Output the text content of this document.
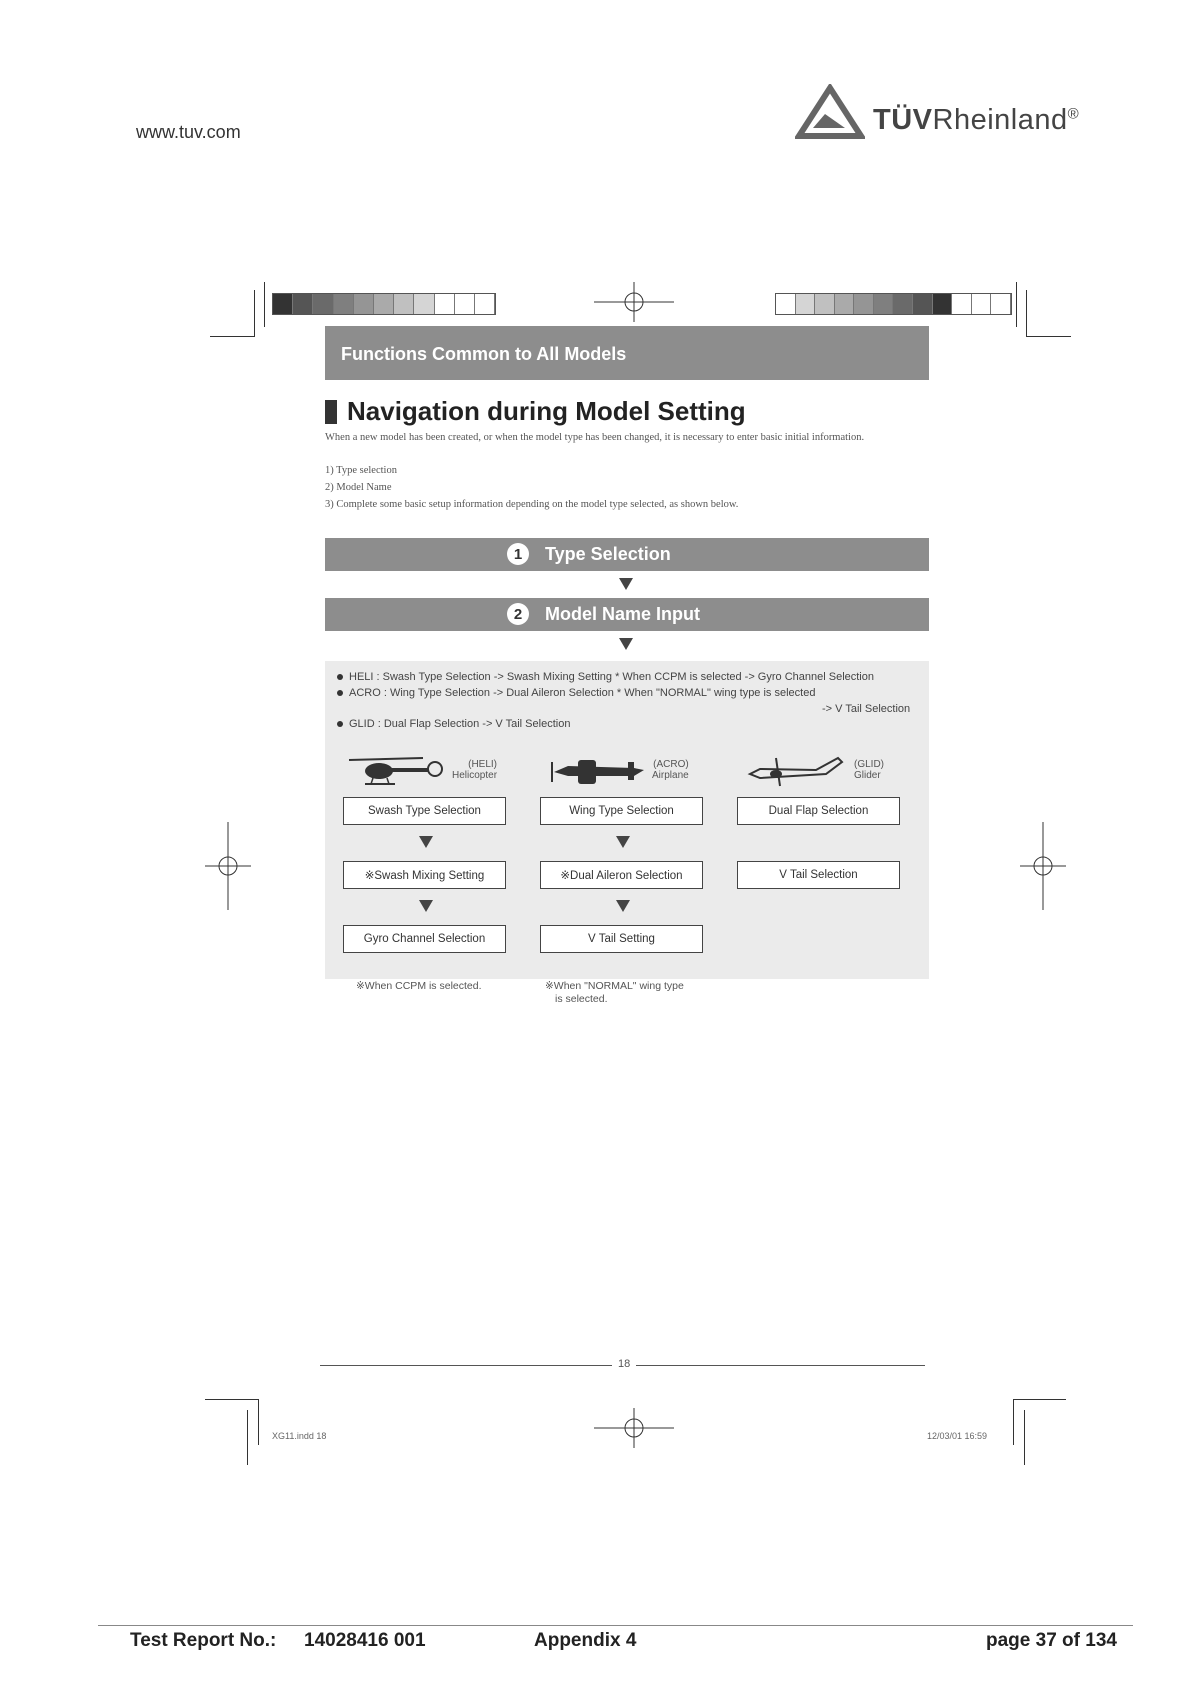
www.tuv.com	TÜVRheinland®
Functions Common to All Models
Navigation during Model Setting
When a new model has been created, or when the model type has been changed, it is necessary to enter basic initial information.
1) Type selection
2) Model Name
3) Complete some basic setup information depending on the model type selected, as shown below.
1	Type Selection
2	Model Name Input
HELI : Swash Type Selection -> Swash Mixing Setting * When CCPM is selected -> Gyro Channel Selection
ACRO : Wing Type Selection -> Dual Aileron Selection * When "NORMAL" wing type is selected
-> V Tail Selection
GLID : Dual Flap Selection -> V Tail Selection
(HELI)
Helicopter
(ACRO)
Airplane
(GLID)
Glider
Swash Type Selection
※Swash Mixing Setting
Gyro Channel Selection
Wing Type Selection
※Dual Aileron Selection
V Tail Setting
Dual Flap Selection
V Tail Selection
※When CCPM is selected.	※When "NORMAL" wing type
is selected.
18
XG11.indd 18	12/03/01 16:59
Test Report No.: 14028416 001	Appendix 4	page 37 of 134
